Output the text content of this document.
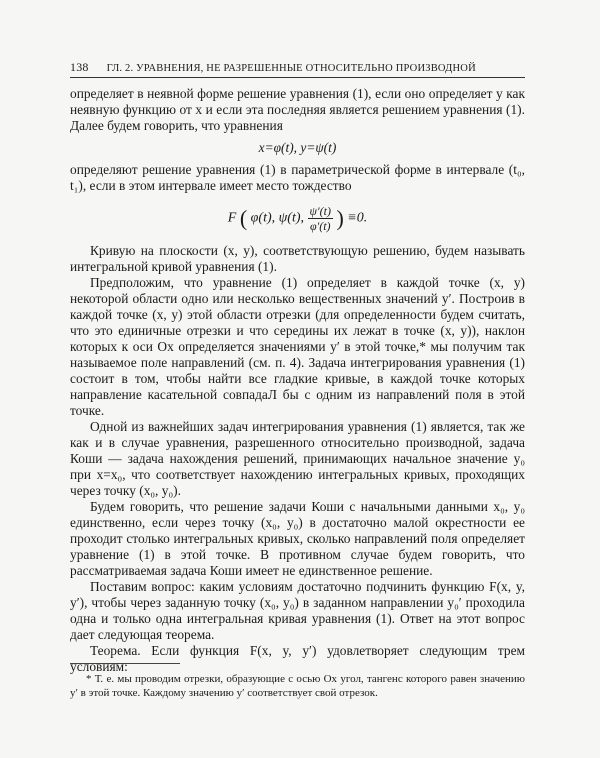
138 ГЛ. 2. УРАВНЕНИЯ, НЕ РАЗРЕШЕННЫЕ ОТНОСИТЕЛЬНО ПРОИЗВОДНОЙ

определяет в неявной форме решение уравнения (1), если оно определяет y как неявную функцию от x и если эта последняя является решением уравнения (1). Далее будем говорить, что уравнения

x=φ(t), y=ψ(t)

определяют решение уравнения (1) в параметрической форме в интервале (t₀, t₁), если в этом интервале имеет место тождество

F ( φ(t), ψ(t), $\frac{\psi'(t)}{\varphi'(t)}$ ) ≡0.

Кривую на плоскости (x, y), соответствующую решению, будем называть интегральной кривой уравнения (1).

Предположим, что уравнение (1) определяет в каждой точке (x, y) некоторой области одно или несколько вещественных значений y′. Построив в каждой точке (x, y) этой области отрезки (для определенности будем считать, что это единичные отрезки и что середины их лежат в точке (x, y)), наклон которых к оси Ox определяется значениями y′ в этой точке,* мы получим так называемое поле направлений (см. п. 4). Задача интегрирования уравнения (1) состоит в том, чтобы найти все гладкие кривые, в каждой точке которых направление касательной совпадаЛ бы с одним из направлений поля в этой точке.

Одной из важнейших задач интегрирования уравнения (1) является, так же как и в случае уравнения, разрешенного относительно производной, задача Коши — задача нахождения решений, принимающих начальное значение y₀ при x=x₀, что соответствует нахождению интегральных кривых, проходящих через точку (x₀, y₀).

Будем говорить, что решение задачи Коши с начальными данными x₀, y₀ единственно, если через точку (x₀, y₀) в достаточно малой окрестности ее проходит столько интегральных кривых, сколько направлений поля определяет уравнение (1) в этой точке. В противном случае будем говорить, что рассматриваемая задача Коши имеет не единственное решение.

Поставим вопрос: каким условиям достаточно подчинить функцию F(x, y, y′), чтобы через заданную точку (x₀, y₀) в заданном направлении y₀′ проходила одна и только одна интегральная кривая уравнения (1). Ответ на этот вопрос дает следующая теорема.

Теорема. Если функция F(x, y, y′) удовлетворяет следующим трем условиям:

* Т. е. мы проводим отрезки, образующие с осью Ox угол, тангенс которого равен значению y′ в этой точке. Каждому значению y′ соответствует свой отрезок.
